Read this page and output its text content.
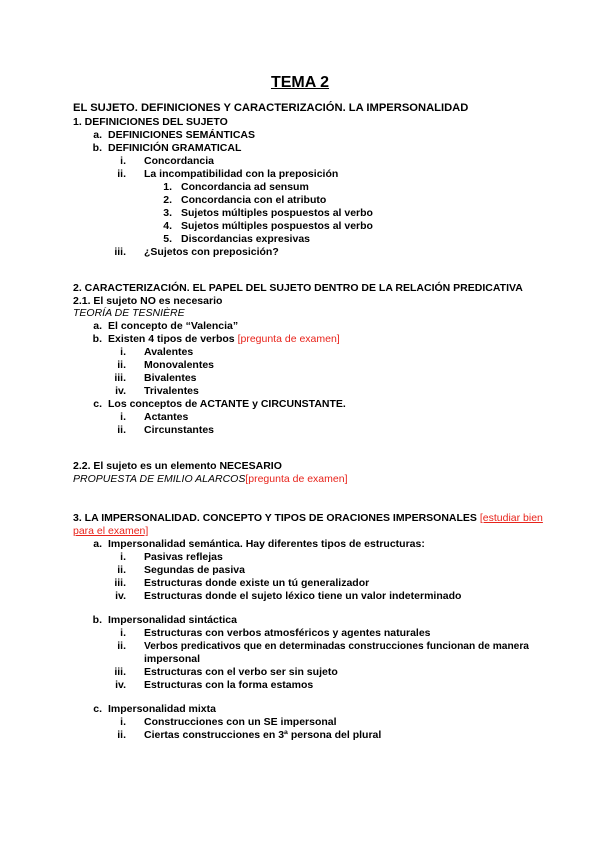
TEMA 2
EL SUJETO. DEFINICIONES Y CARACTERIZACIÓN. LA IMPERSONALIDAD
1. DEFINICIONES DEL SUJETO
a. DEFINICIONES SEMÁNTICAS
b. DEFINICIÓN GRAMATICAL
i. Concordancia
ii. La incompatibilidad con la preposición
1. Concordancia ad sensum
2. Concordancia con el atributo
3. Sujetos múltiples pospuestos al verbo
4. Sujetos múltiples pospuestos al verbo
5. Discordancias expresivas
iii. ¿Sujetos con preposición?
2. CARACTERIZACIÓN. EL PAPEL DEL SUJETO DENTRO DE LA RELACIÓN PREDICATIVA
2.1. El sujeto NO es necesario
TEORÍA DE TESNIÈRE
a. El concepto de “Valencia”
b. Existen 4 tipos de verbos [pregunta de examen]
i. Avalentes
ii. Monovalentes
iii. Bivalentes
iv. Trivalentes
c. Los conceptos de ACTANTE y CIRCUNSTANTE.
i. Actantes
ii. Circunstantes
2.2. El sujeto es un elemento NECESARIO
PROPUESTA DE EMILIO ALARCOS[pregunta de examen]
3. LA IMPERSONALIDAD. CONCEPTO Y TIPOS DE ORACIONES IMPERSONALES [estudiar bien
para el examen]
a. Impersonalidad semántica. Hay diferentes tipos de estructuras:
i. Pasivas reflejas
ii. Segundas de pasiva
iii. Estructuras donde existe un tú generalizador
iv. Estructuras donde el sujeto léxico tiene un valor indeterminado
b. Impersonalidad sintáctica
i. Estructuras con verbos atmosféricos y agentes naturales
ii. Verbos predicativos que en determinadas construcciones funcionan de manera
impersonal
iii. Estructuras con el verbo ser sin sujeto
iv. Estructuras con la forma estamos
c. Impersonalidad mixta
i. Construcciones con un SE impersonal
ii. Ciertas construcciones en 3ª persona del plural
